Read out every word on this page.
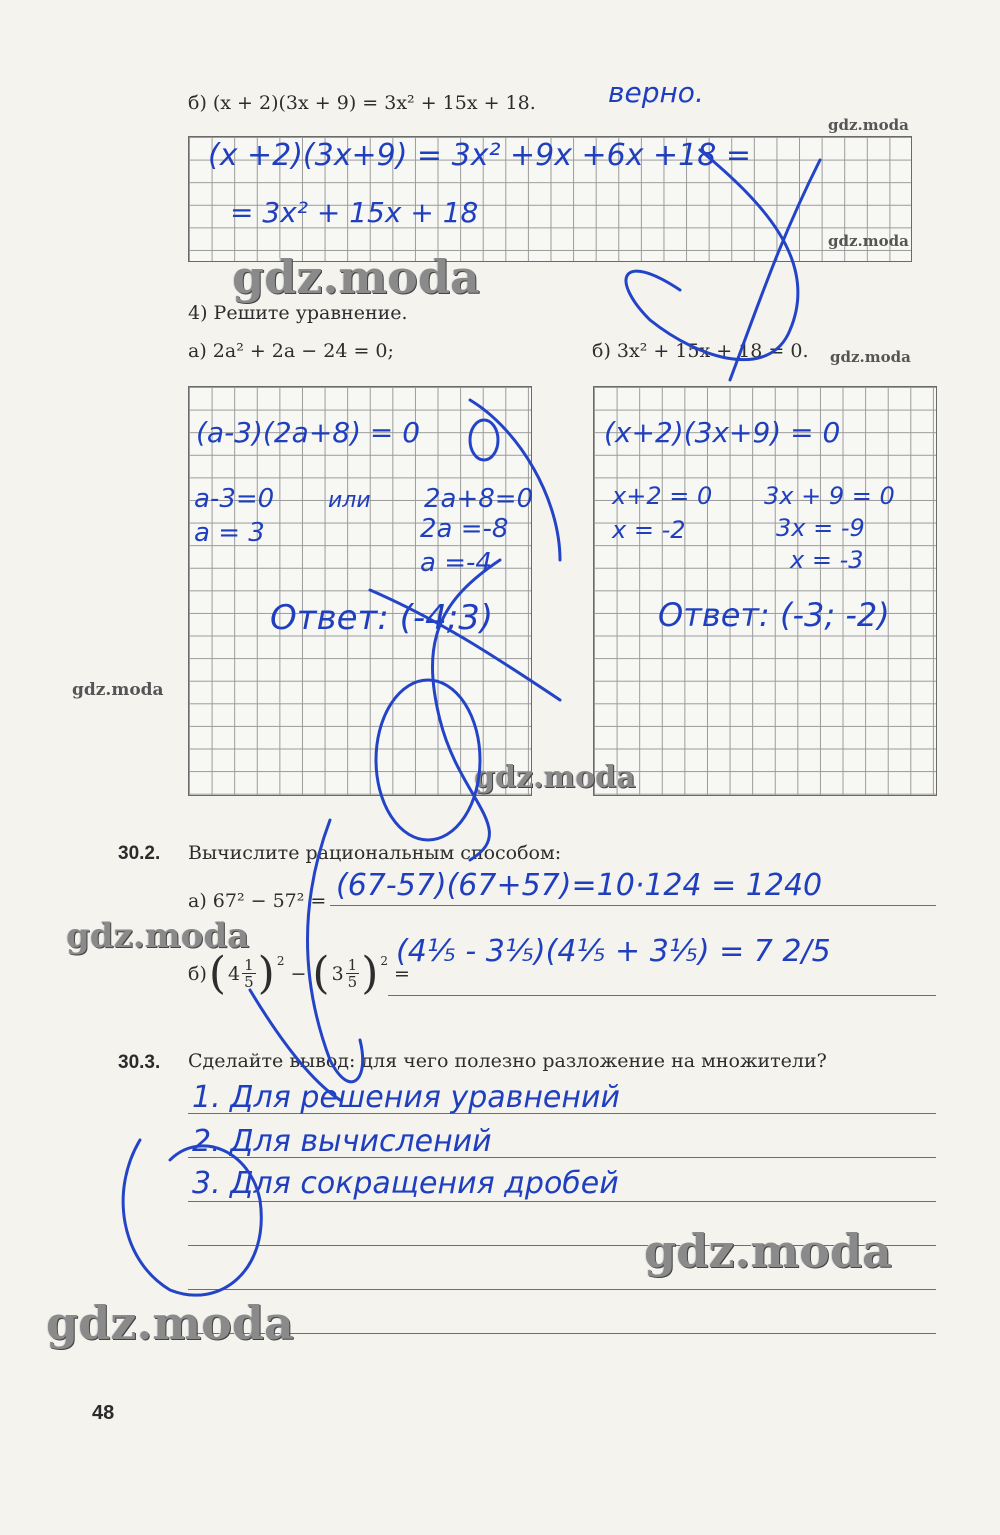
б) (x + 2)(3x + 9) = 3x² + 15x + 18.	верно.
(x +2)(3x+9) = 3x² +9x +6x +18 =
= 3x² + 15x + 18
4) Решите уравнение.
а) 2a² + 2a − 24 = 0;	б) 3x² + 15x + 18 = 0.
(a-3)(2a+8) = 0
a-3=0 или 2a+8=0
a = 3	2a =-8
a =-4
Ответ: (-4;3)
(x+2)(3x+9) = 0
x+2 = 0 3x + 9 = 0
x = -2	3x = -9
x = -3
Ответ: (-3; -2)
30.2. Вычислите рациональным способом:
а) 67² − 57² = (67-57)(67+57)=10·124 = 1240
б) ( $4 \frac{1}{5} )^2$
− ( $3 \frac{1}{5} )^2$
=
(4⅕ - 3⅕)(4⅕ + 3⅕) = 7 2/5
30.3. Сделайте вывод: для чего полезно разложение на множители?
1. Для решения уравнений
2. Для вычислений
3. Для сокращения дробей
48
gdz.moda
gdz.moda
gdz.moda
gdz.moda
gdz.moda
gdz.moda
gdz.moda
gdz.moda
gdz.moda
